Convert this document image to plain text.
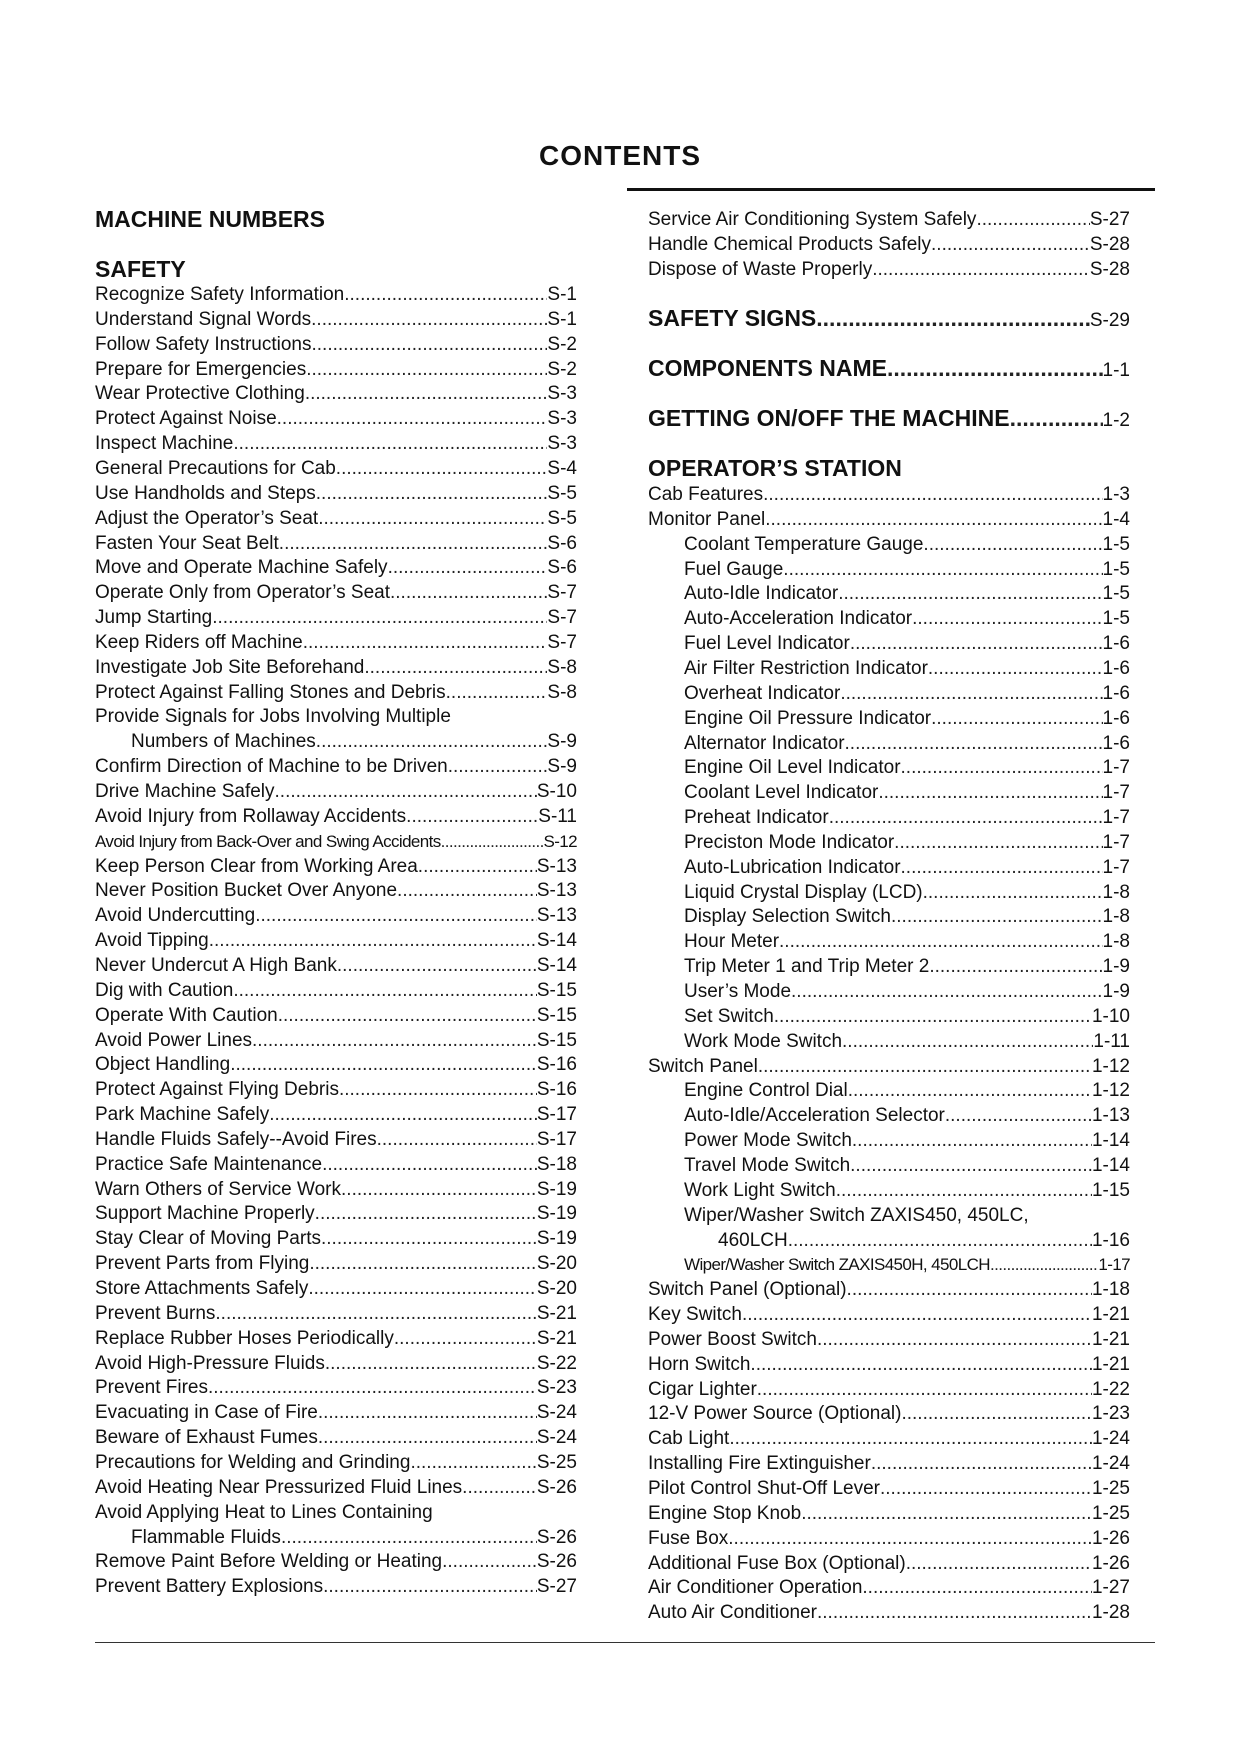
CONTENTS
MACHINE NUMBERS
SAFETY
Recognize Safety Information .....	S-1
Understand Signal Words .....	S-1
Follow Safety Instructions .....	S-2
Prepare for Emergencies .....	S-2
Wear Protective Clothing .....	S-3
Protect Against Noise .....	S-3
Inspect Machine .....	S-3
General Precautions for Cab .....	S-4
Use Handholds and Steps .....	S-5
Adjust the Operator’s Seat .....	S-5
Fasten Your Seat Belt .....	S-6
Move and Operate Machine Safely .....	S-6
Operate Only from Operator’s Seat .....	S-7
Jump Starting .....	S-7
Keep Riders off Machine .....	S-7
Investigate Job Site Beforehand .....	S-8
Protect Against Falling Stones and Debris .....	S-8
Provide Signals for Jobs Involving Multiple
Numbers of Machines .....	S-9
Confirm Direction of Machine to be Driven .....	S-9
Drive Machine Safely .....	S-10
Avoid Injury from Rollaway Accidents .....	S-11
Avoid Injury from Back-Over and Swing Accidents .....	S-12
Keep Person Clear from Working Area .....	S-13
Never Position Bucket Over Anyone .....	S-13
Avoid Undercutting .....	S-13
Avoid Tipping .....	S-14
Never Undercut A High Bank .....	S-14
Dig with Caution .....	S-15
Operate With Caution .....	S-15
Avoid Power Lines .....	S-15
Object Handling .....	S-16
Protect Against Flying Debris .....	S-16
Park Machine Safely .....	S-17
Handle Fluids Safely--Avoid Fires .....	S-17
Practice Safe Maintenance .....	S-18
Warn Others of Service Work .....	S-19
Support Machine Properly .....	S-19
Stay Clear of Moving Parts .....	S-19
Prevent Parts from Flying .....	S-20
Store Attachments Safely .....	S-20
Prevent Burns .....	S-21
Replace Rubber Hoses Periodically .....	S-21
Avoid High-Pressure Fluids .....	S-22
Prevent Fires .....	S-23
Evacuating in Case of Fire .....	S-24
Beware of Exhaust Fumes .....	S-24
Precautions for Welding and Grinding .....	S-25
Avoid Heating Near Pressurized Fluid Lines .....	S-26
Avoid Applying Heat to Lines Containing
Flammable Fluids .....	S-26
Remove Paint Before Welding or Heating .....	S-26
Prevent Battery Explosions .....	S-27
Service Air Conditioning System Safely .....	S-27
Handle Chemical Products Safely .....	S-28
Dispose of Waste Properly .....	S-28
SAFETY SIGNS .....	S-29
COMPONENTS NAME .....	1-1
GETTING ON/OFF THE MACHINE .....	1-2
OPERATOR’S STATION
Cab Features .....	1-3
Monitor Panel .....	1-4
Coolant Temperature Gauge .....	1-5
Fuel Gauge .....	1-5
Auto-Idle Indicator .....	1-5
Auto-Acceleration Indicator .....	1-5
Fuel Level Indicator .....	1-6
Air Filter Restriction Indicator .....	1-6
Overheat Indicator .....	1-6
Engine Oil Pressure Indicator .....	1-6
Alternator Indicator .....	1-6
Engine Oil Level Indicator .....	1-7
Coolant Level Indicator .....	1-7
Preheat Indicator .....	1-7
Preciston Mode Indicator .....	1-7
Auto-Lubrication Indicator .....	1-7
Liquid Crystal Display (LCD) .....	1-8
Display Selection Switch .....	1-8
Hour Meter .....	1-8
Trip Meter 1 and Trip Meter 2 .....	1-9
User’s Mode .....	1-9
Set Switch .....	1-10
Work Mode Switch .....	1-11
Switch Panel .....	1-12
Engine Control Dial .....	1-12
Auto-Idle/Acceleration Selector .....	1-13
Power Mode Switch .....	1-14
Travel Mode Switch .....	1-14
Work Light Switch .....	1-15
Wiper/Washer Switch ZAXIS450, 450LC,
460LCH .....	1-16
Wiper/Washer Switch ZAXIS450H, 450LCH .....	1-17
Switch Panel (Optional) .....	1-18
Key Switch .....	1-21
Power Boost Switch .....	1-21
Horn Switch .....	1-21
Cigar Lighter .....	1-22
12-V Power Source (Optional) .....	1-23
Cab Light .....	1-24
Installing Fire Extinguisher .....	1-24
Pilot Control Shut-Off Lever .....	1-25
Engine Stop Knob .....	1-25
Fuse Box .....	1-26
Additional Fuse Box (Optional) .....	1-26
Air Conditioner Operation .....	1-27
Auto Air Conditioner .....	1-28
